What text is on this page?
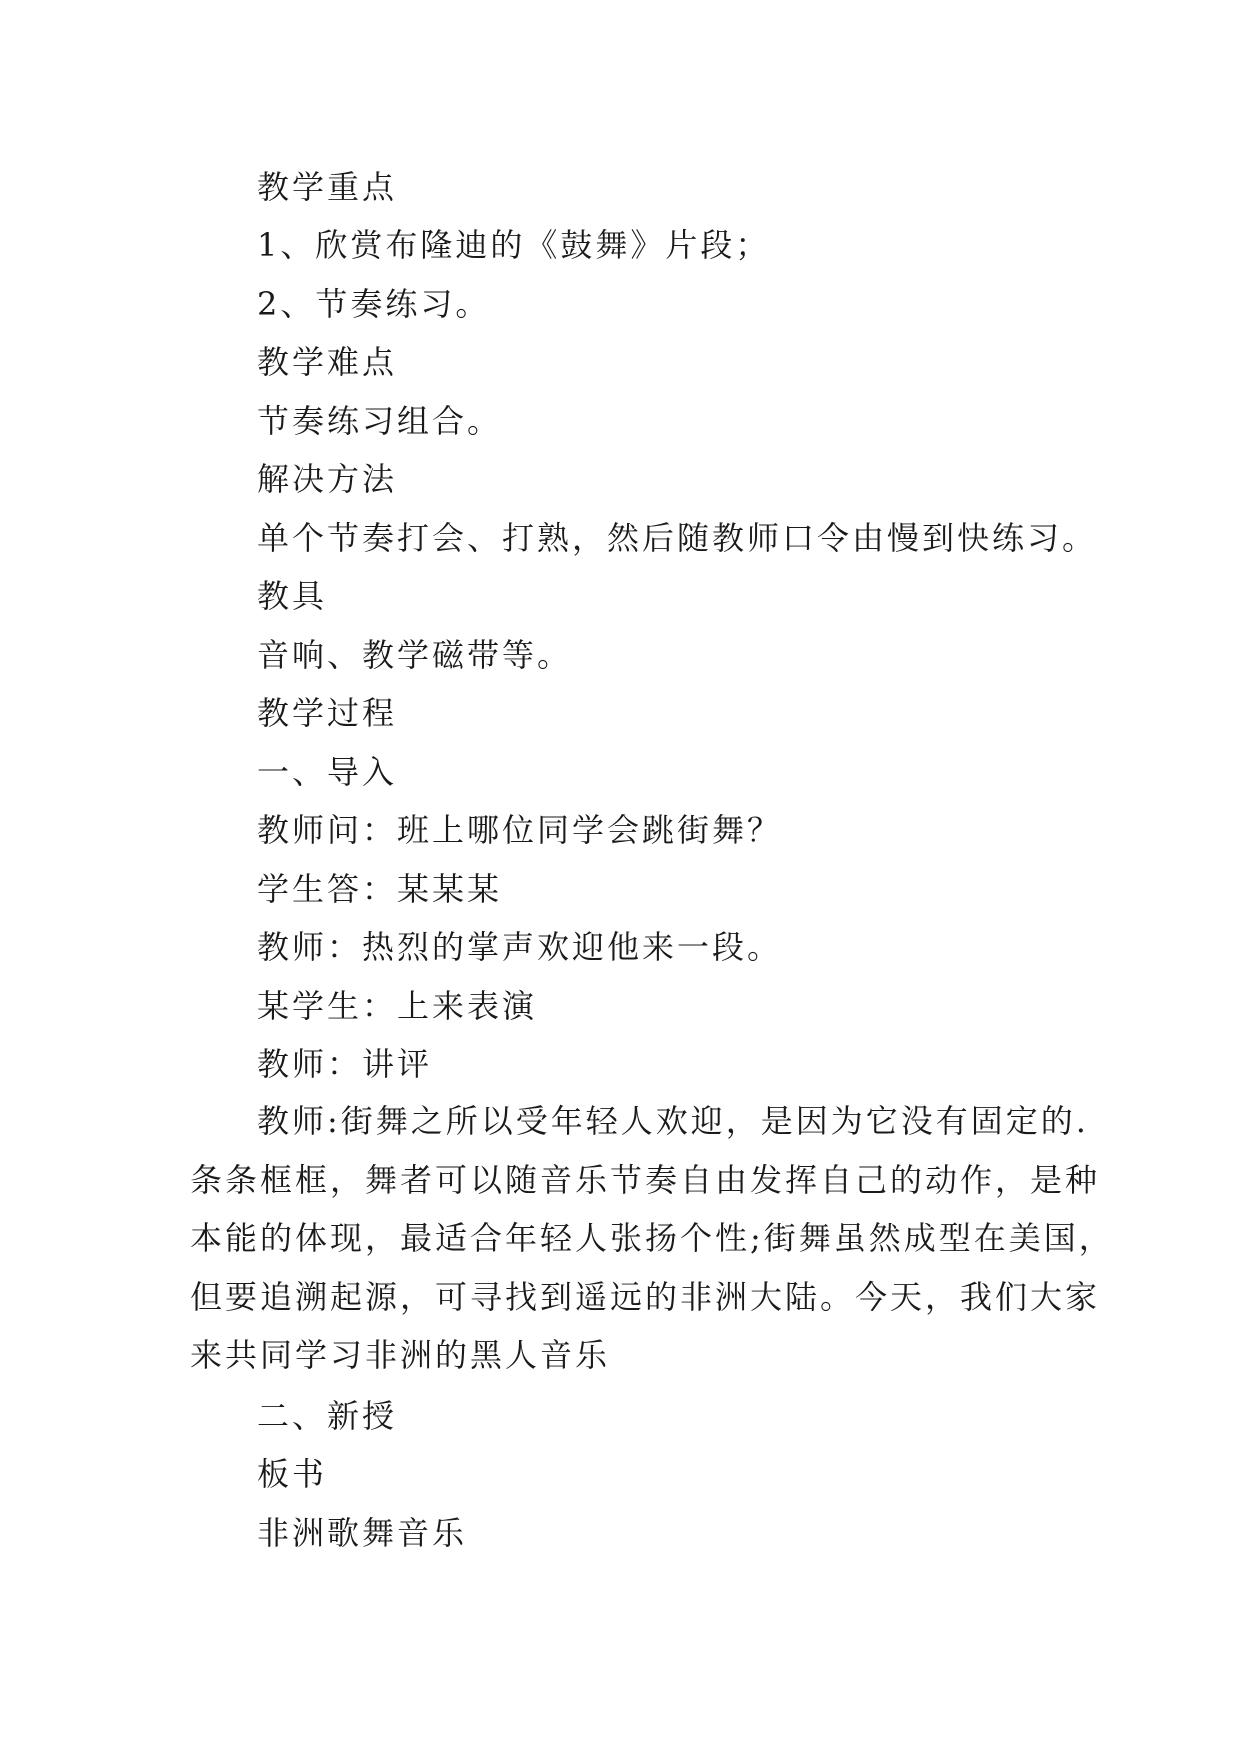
教学重点
1、欣赏布隆迪的《鼓舞》片段；
2、节奏练习。
教学难点
节奏练习组合。
解决方法
单个节奏打会、打熟，然后随教师口令由慢到快练习。
教具
音响、教学磁带等。
教学过程
一、导入
教师问：班上哪位同学会跳街舞？
学生答：某某某
教师：热烈的掌声欢迎他来一段。
某学生：上来表演
教师：讲评
教师:街舞之所以受年轻人欢迎，是因为它没有固定的.
条条框框，舞者可以随音乐节奏自由发挥自己的动作，是种
本能的体现，最适合年轻人张扬个性;街舞虽然成型在美国，
但要追溯起源，可寻找到遥远的非洲大陆。今天，我们大家
来共同学习非洲的黑人音乐
二、新授
板书
非洲歌舞音乐
